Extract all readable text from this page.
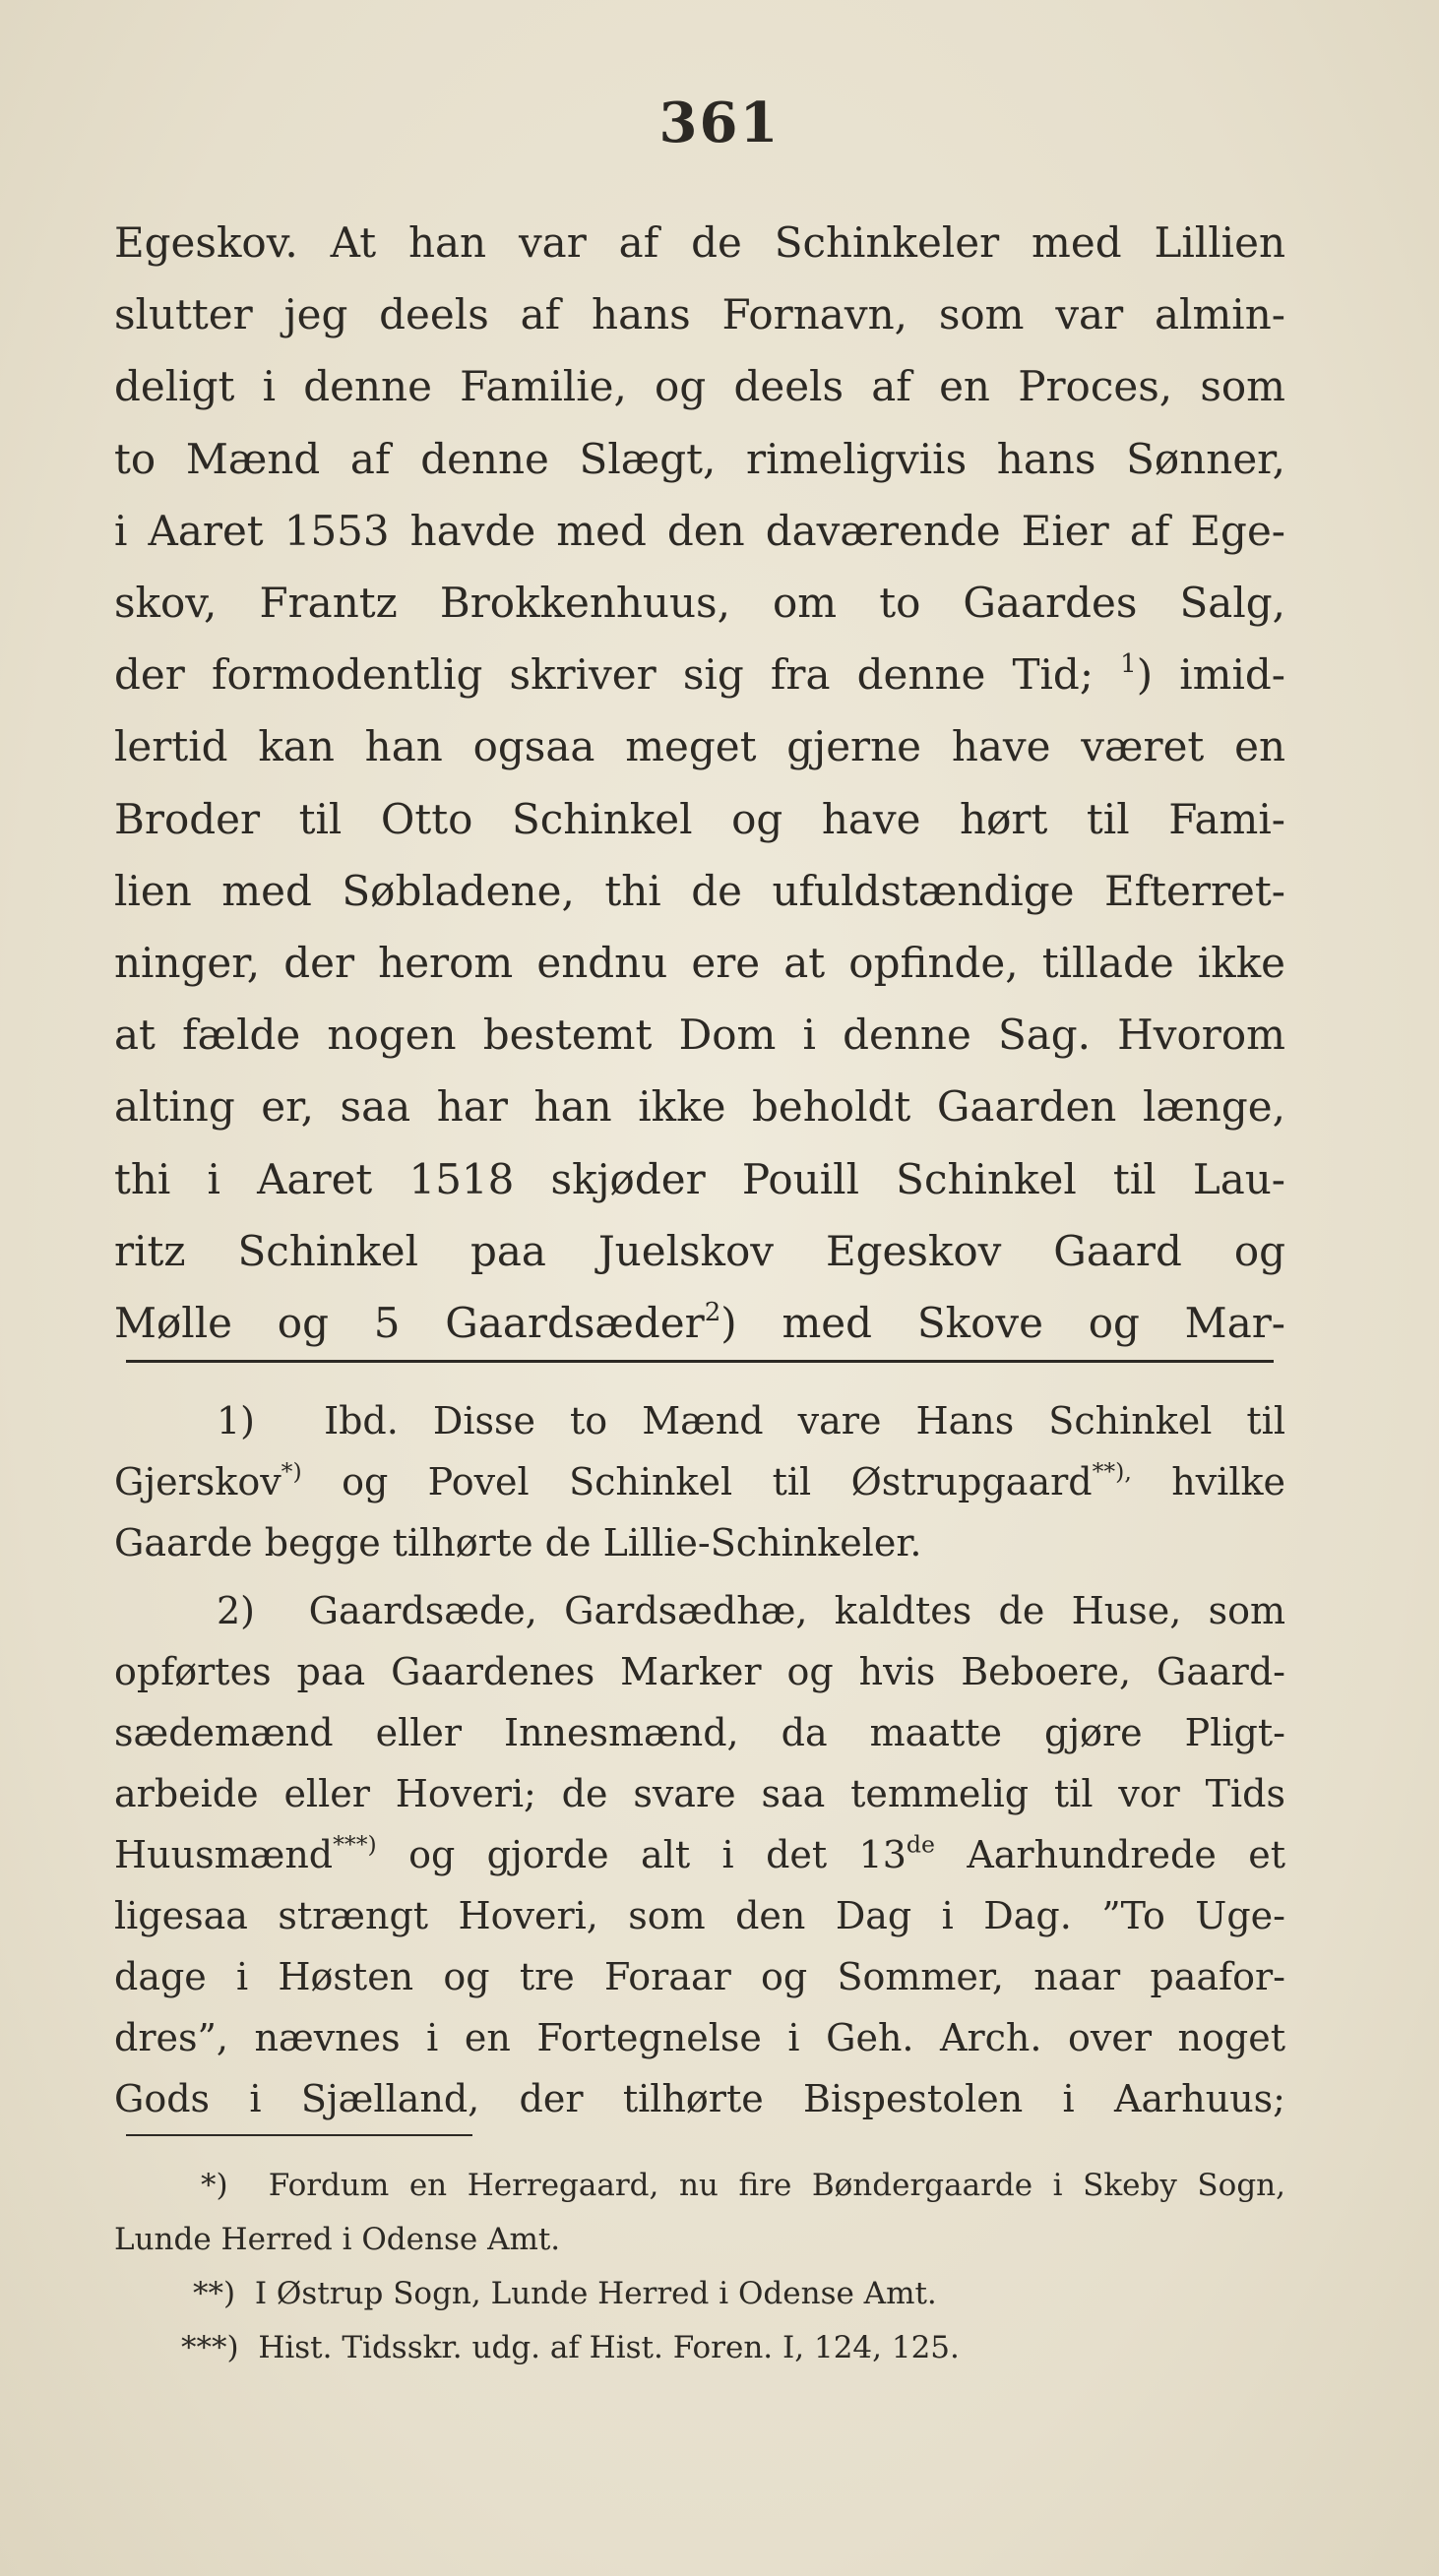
361
Egeskov. At han var af de Schinkeler med Lillien
slutter jeg deels af hans Fornavn, som var almin-
deligt i denne Familie, og deels af en Proces, som
to Mænd af denne Slægt, rimeligviis hans Sønner,
i Aaret 1553 havde med den daværende Eier af Ege-
skov, Frantz Brokkenhuus, om to Gaardes Salg,
der formodentlig skriver sig fra denne Tid; $^1$) imid-
lertid kan han ogsaa meget gjerne have været en
Broder til Otto Schinkel og have hørt til Fami-
lien med Søbladene, thi de ufuldstændige Efterret-
ninger, der herom endnu ere at opfinde, tillade ikke
at fælde nogen bestemt Dom i denne Sag. Hvorom
alting er, saa har han ikke beholdt Gaarden længe,
thi i Aaret 1518 skjøder Pouill Schinkel til Lau-
ritz Schinkel paa Juelskov Egeskov Gaard og
Mølle og 5 Gaardsæder$^2$) med Skove og Mar-
1) Ibd. Disse to Mænd vare Hans Schinkel til
Gjerskov*) og Povel Schinkel til Østrupgaard**), hvilke
Gaarde begge tilhørte de Lillie-Schinkeler.
2) Gaardsæde, Gardsædhæ, kaldtes de Huse, som
opførtes paa Gaardenes Marker og hvis Beboere, Gaard-
sædemænd eller Innesmænd, da maatte gjøre Pligt-
arbeide eller Hoveri; de svare saa temmelig til vor Tids
Huusmænd***) og gjorde alt i det 13de Aarhundrede et
ligesaa strængt Hoveri, som den Dag i Dag. ”To Uge-
dage i Høsten og tre Foraar og Sommer, naar paafor-
dres”, nævnes i en Fortegnelse i Geh. Arch. over noget
Gods i Sjælland, der tilhørte Bispestolen i Aarhuus;
*) Fordum en Herregaard, nu fire Bøndergaarde i Skeby Sogn,
Lunde Herred i Odense Amt.
**) I Østrup Sogn, Lunde Herred i Odense Amt.
***) Hist. Tidsskr. udg. af Hist. Foren. I, 124, 125.
